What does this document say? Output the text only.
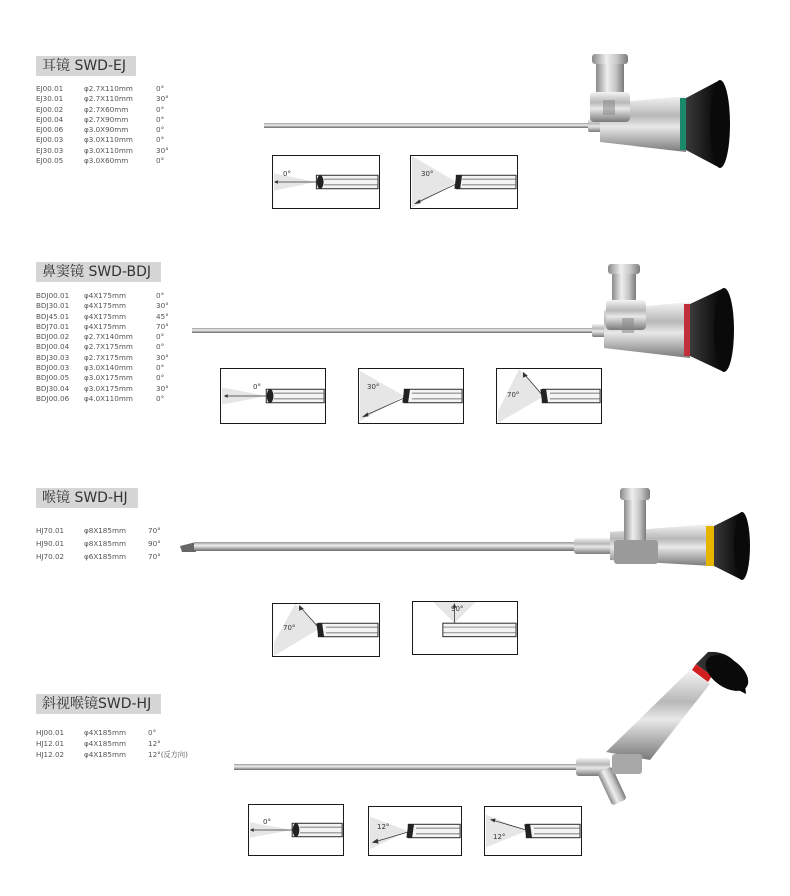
耳镜 SWD-EJ
EJ00.01	φ2.7X110mm	0°
EJ30.01	φ2.7X110mm	30°
EJ00.02	φ2.7X60mm	0°
EJ00.04	φ2.7X90mm	0°
EJ00.06	φ3.0X90mm	0°
EJ00.03	φ3.0X110mm	0°
EJ30.03	φ3.0X110mm	30°
EJ00.05	φ3.0X60mm	0°
0°	30°
鼻窦镜 SWD-BDJ
BDJ00.01 φ4X175mm	0°
BDJ30.01 φ4X175mm	30°
BDJ45.01 φ4X175mm	45°
BDJ70.01 φ4X175mm	70°
BDJ00.02 φ2.7X140mm	0°
BDJ00.04 φ2.7X175mm	0°
BDJ30.03 φ2.7X175mm	30°
BDJ00.03 φ3.0X140mm	0°
BDJ00.05 φ3.0X175mm	0°
BDJ30.04 φ3.0X175mm	30°
BDJ00.06 φ4.0X110mm	0°
0°	30°
70°
喉镜 SWD-HJ
HJ70.01	φ8X185mm	70°
HJ90.01	φ8X185mm	90°
HJ70.02	φ6X185mm	70°
70°
90°
斜视喉镜SWD-HJ
HJ00.01	φ4X185mm	0°
HJ12.01	φ4X185mm	12°
HJ12.02	φ4X185mm	12°(反方向)
0°
12°
12°
